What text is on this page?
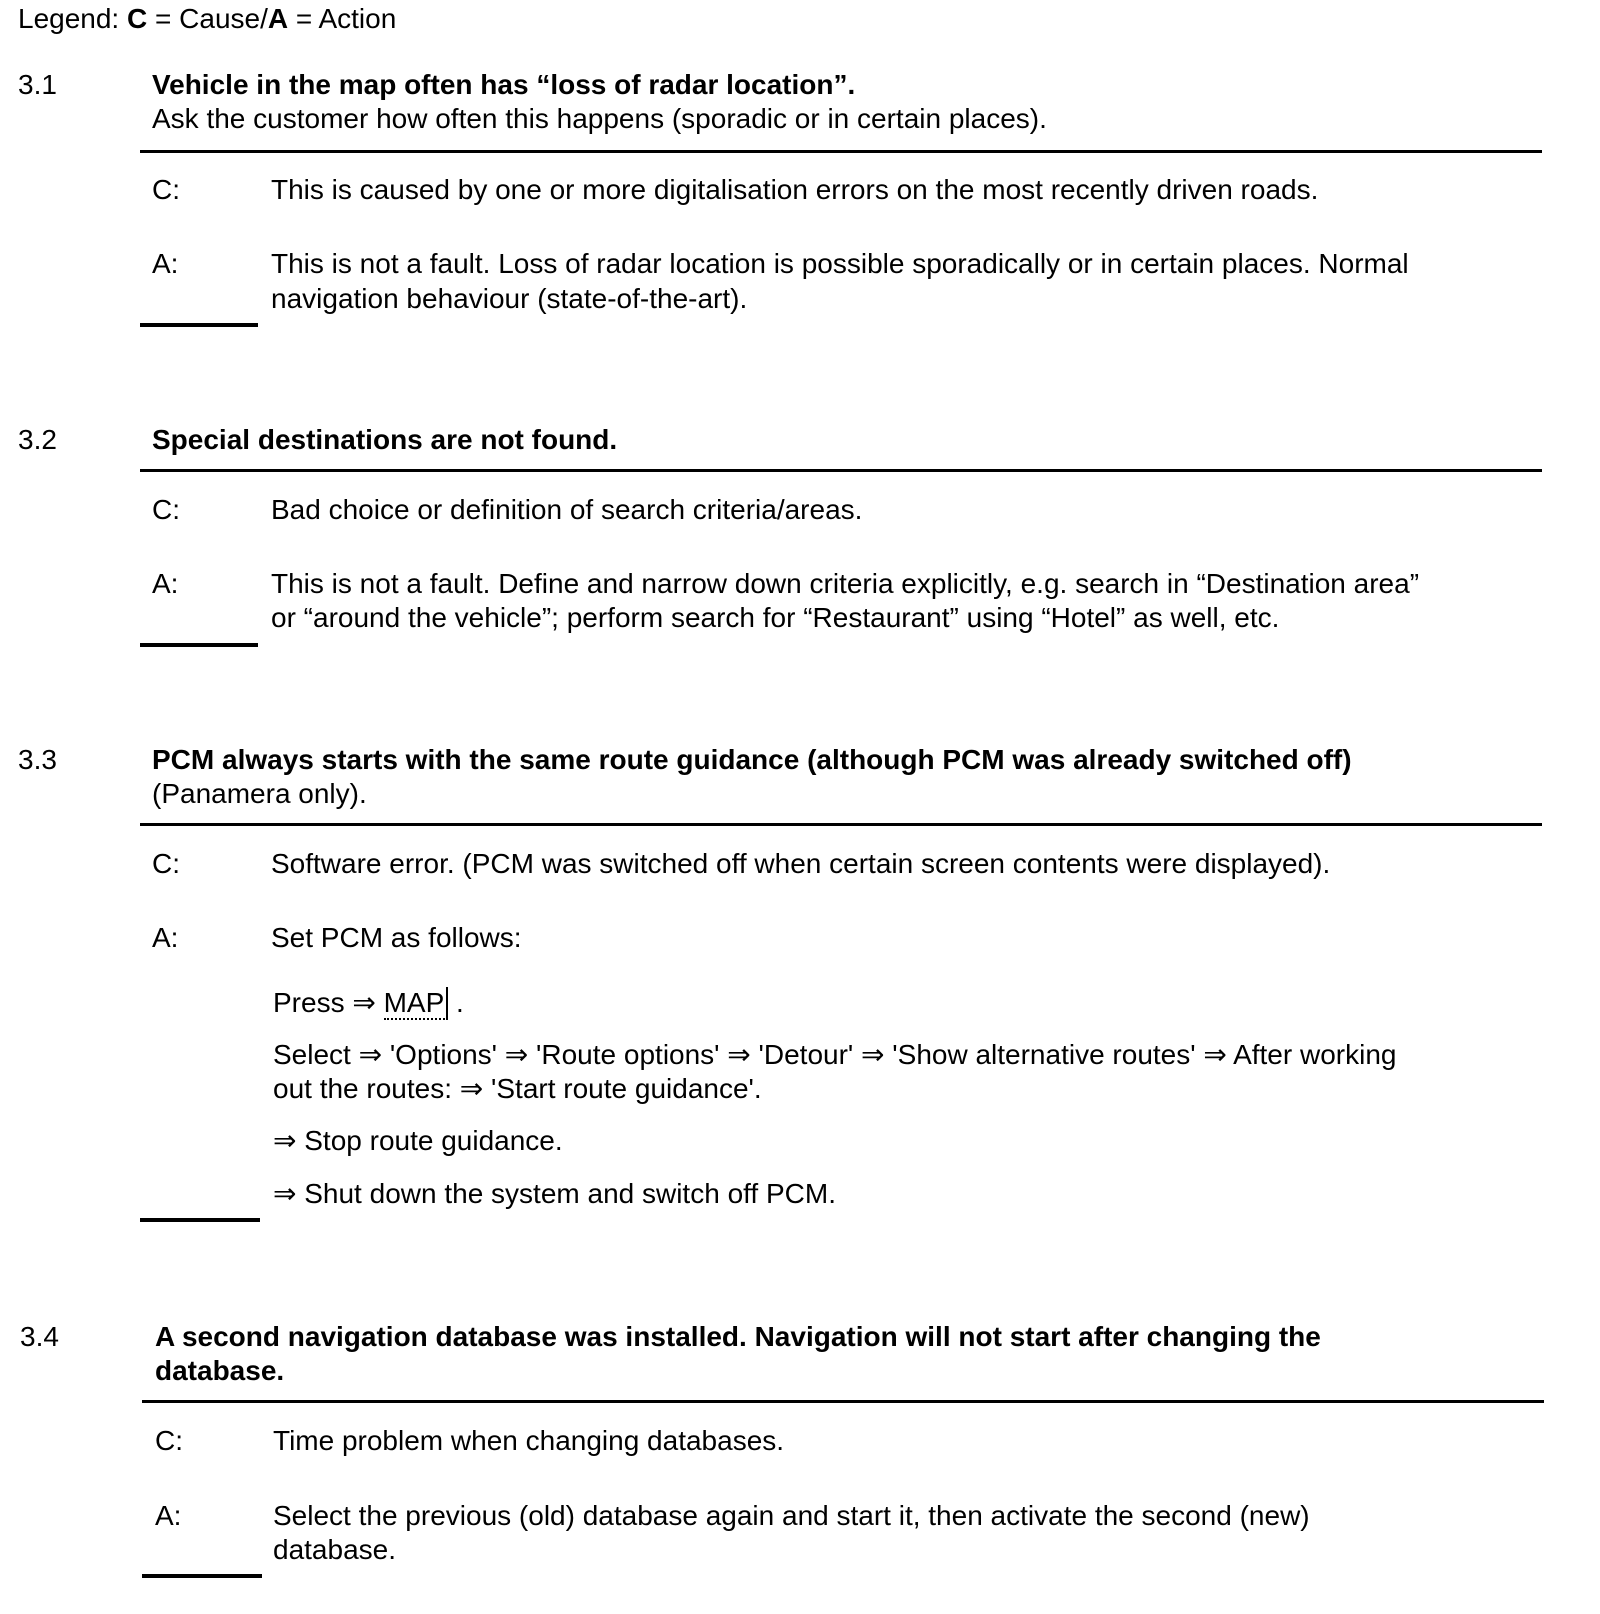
Legend: C = Cause/A = Action
3.1	Vehicle in the map often has “loss of radar location”.
Ask the customer how often this happens (sporadic or in certain places).
C:	This is caused by one or more digitalisation errors on the most recently driven roads.
A:	This is not a fault. Loss of radar location is possible sporadically or in certain places. Normal
navigation behaviour (state-of-the-art).
3.2	Special destinations are not found.
C:	Bad choice or definition of search criteria/areas.
A:	This is not a fault. Define and narrow down criteria explicitly, e.g. search in “Destination area”
or “around the vehicle”; perform search for “Restaurant” using “Hotel” as well, etc.
3.3	PCM always starts with the same route guidance (although PCM was already switched off)
(Panamera only).
C:	Software error. (PCM was switched off when certain screen contents were displayed).
A:	Set PCM as follows:
Press ⇒ MAP .
Select ⇒ 'Options' ⇒ 'Route options' ⇒ 'Detour' ⇒ 'Show alternative routes' ⇒ After working
out the routes: ⇒ 'Start route guidance'.
⇒ Stop route guidance.
⇒ Shut down the system and switch off PCM.
3.4	A second navigation database was installed. Navigation will not start after changing the
database.
C:	Time problem when changing databases.
A:	Select the previous (old) database again and start it, then activate the second (new)
database.
